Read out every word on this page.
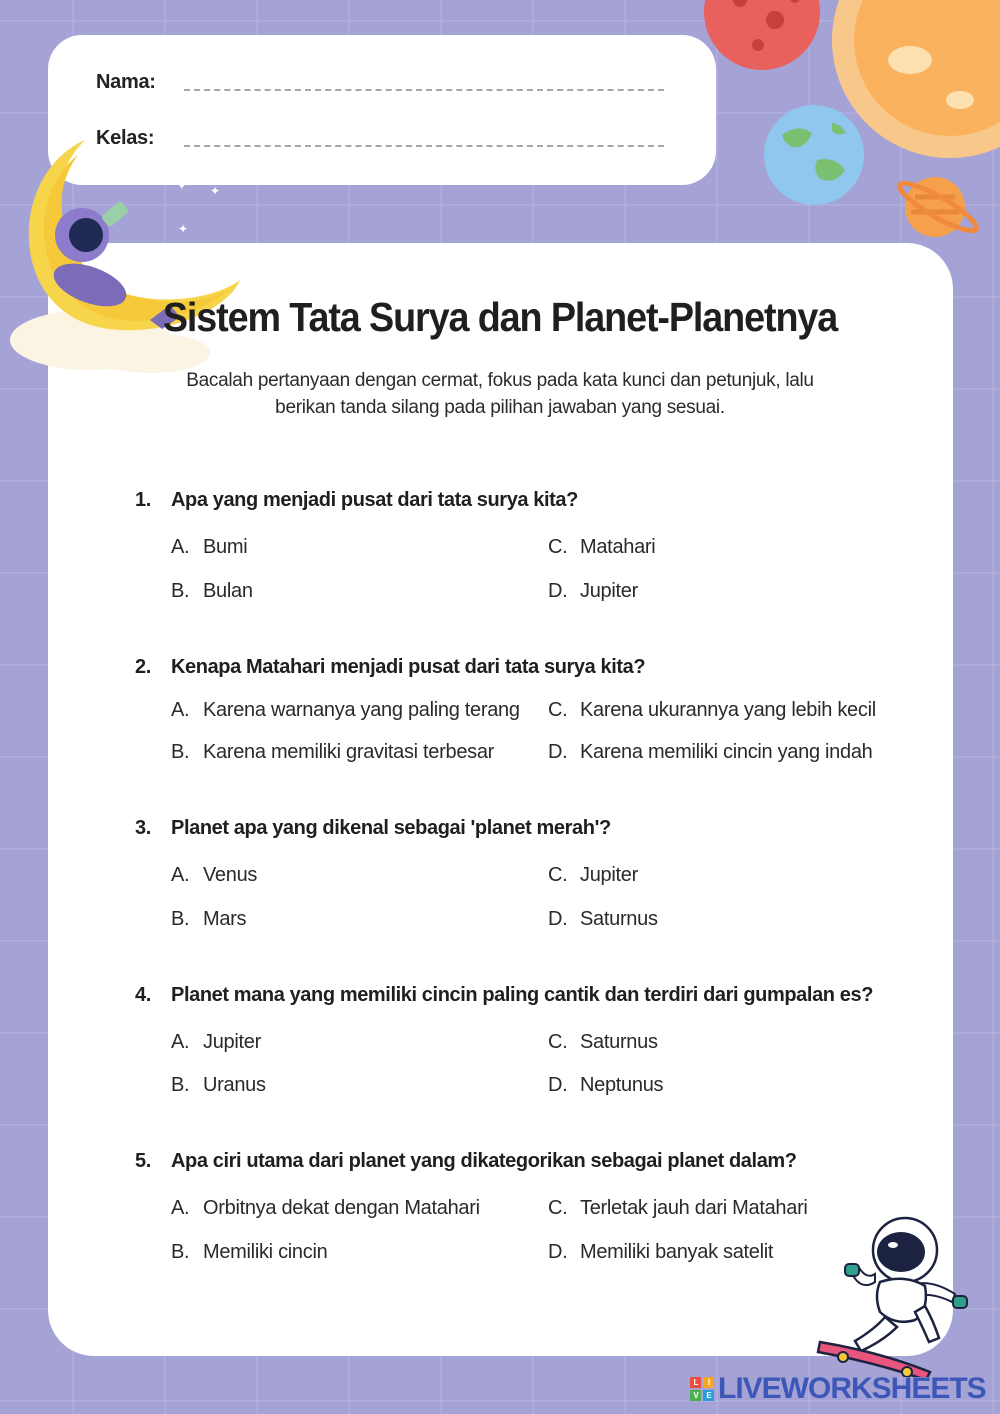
Nama:
Kelas:
✦ ✦
✦
Sistem Tata Surya dan Planet-Planetnya
Bacalah pertanyaan dengan cermat, fokus pada kata kunci dan petunjuk, lalu
berikan tanda silang pada pilihan jawaban yang sesuai.
1.	Apa yang menjadi pusat dari tata surya kita?
A. Bumi
B. Bulan
C. Matahari
D. Jupiter
2.	Kenapa Matahari menjadi pusat dari tata surya kita?
A. Karena warnanya yang paling terang
B. Karena memiliki gravitasi terbesar
C. Karena ukurannya yang lebih kecil
D. Karena memiliki cincin yang indah
3.	Planet apa yang dikenal sebagai 'planet merah'?
A. Venus
B. Mars
C. Jupiter
D. Saturnus
4.	Planet mana yang memiliki cincin paling cantik dan terdiri dari gumpalan es?
A. Jupiter
B. Uranus
C. Saturnus
D. Neptunus
5.	Apa ciri utama dari planet yang dikategorikan sebagai planet dalam?
A. Orbitnya dekat dengan Matahari
B. Memiliki cincin
C. Terletak jauh dari Matahari
D. Memiliki banyak satelit
L	I
V	E LIVEWORKSHEETS
